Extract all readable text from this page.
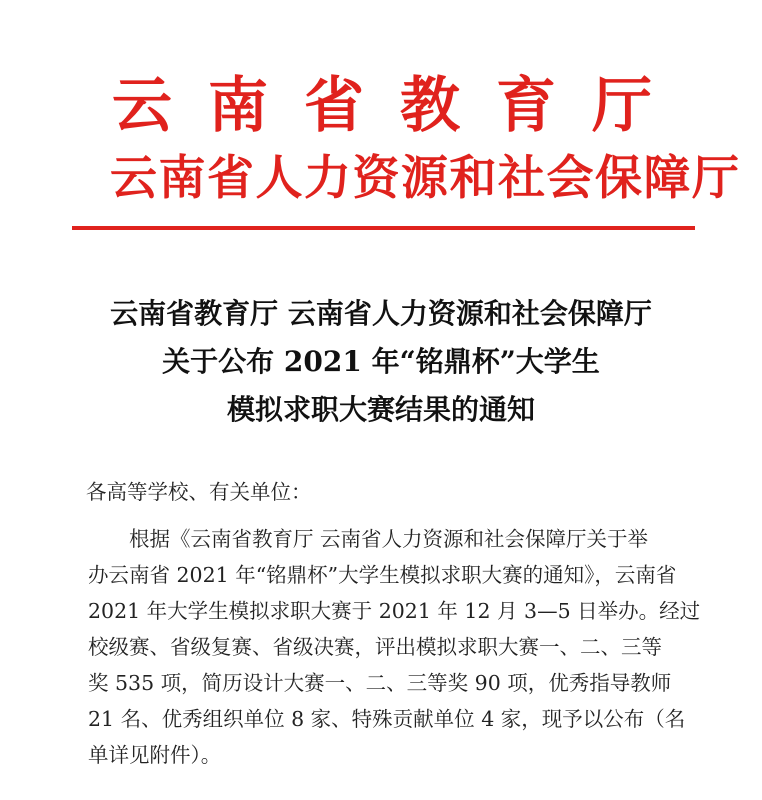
云 南 省 教 育 厅
云南省人力资源和社会保障厅
云南省教育厅 云南省人力资源和社会保障厅
关于公布 2021 年“铭鼎杯”大学生
模拟求职大赛结果的通知
各高等学校、有关单位：
根据《云南省教育厅 云南省人力资源和社会保障厅关于举
办云南省 2021 年“铭鼎杯”大学生模拟求职大赛的通知》，云南省
2021 年大学生模拟求职大赛于 2021 年 12 月 3—5 日举办。经过
校级赛、省级复赛、省级决赛，评出模拟求职大赛一、二、三等
奖 535 项，简历设计大赛一、二、三等奖 90 项，优秀指导教师
21 名、优秀组织单位 8 家、特殊贡献单位 4 家，现予以公布（名
单详见附件）。
